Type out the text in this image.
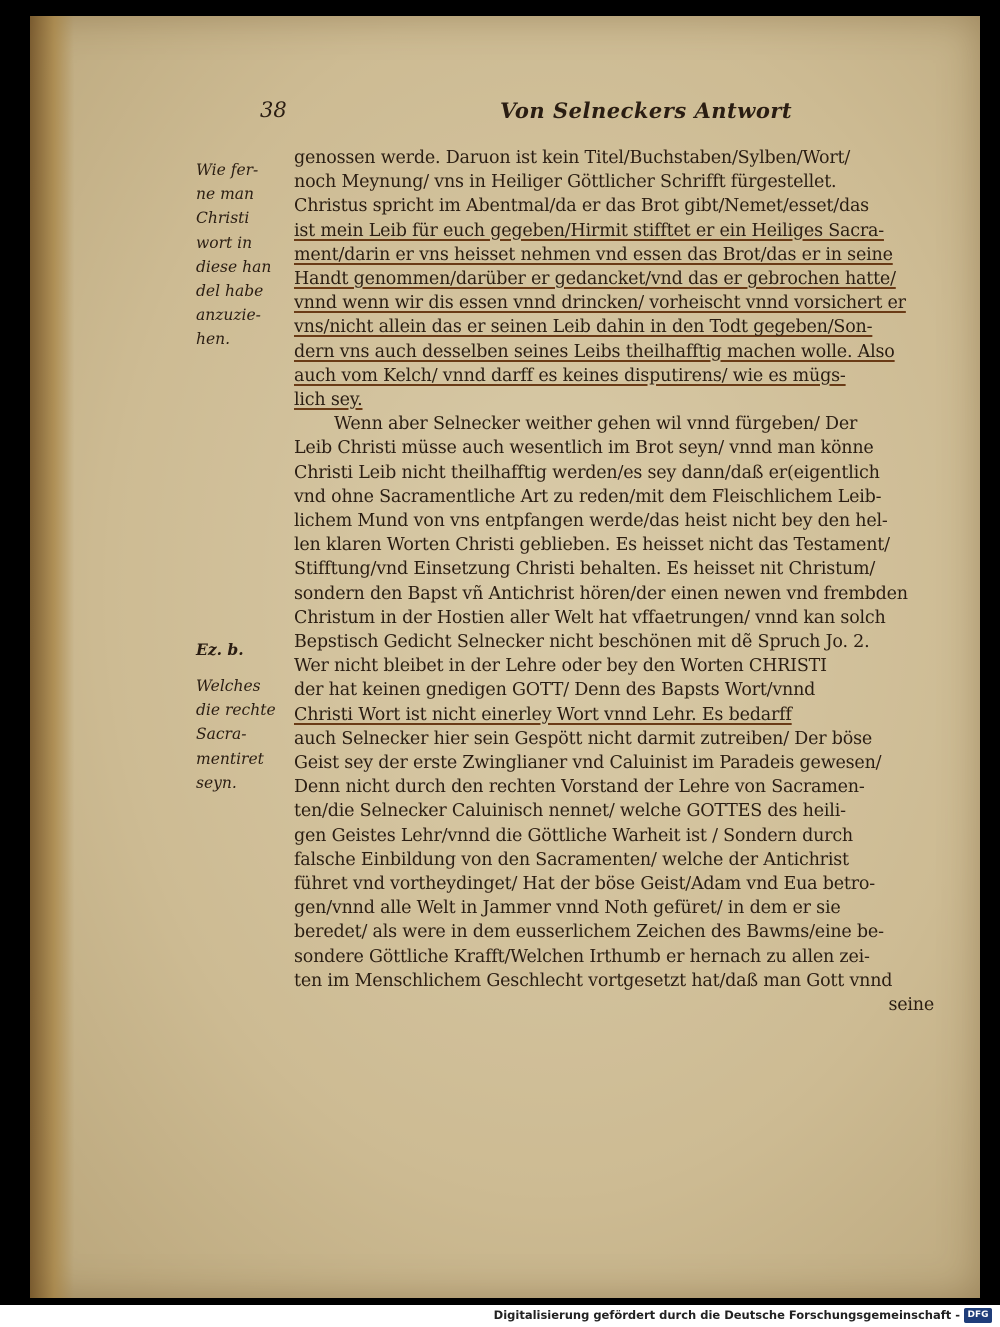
38	Von Selneckers Antwort
Wie fer-
ne man
Christi
wort in
diese han
del habe
anzuzie-
hen.
Ez. b.
Welches
die rechte
Sacra-
mentiret
seyn.
genossen werde. Daruon ist kein Titel/Buchstaben/Sylben/Wort/
noch Meynung/ vns in Heiliger Göttlicher Schrifft fürgestellet.
Christus spricht im Abentmal/da er das Brot gibt/Nemet/esset/das
ist mein Leib für euch gegeben/Hirmit stifftet er ein Heiliges Sacra-
ment/darin er vns heisset nehmen vnd essen das Brot/das er in seine
Handt genommen/darüber er gedancket/vnd das er gebrochen hatte/
vnnd wenn wir dis essen vnnd drincken/ vorheischt vnnd vorsichert er
vns/nicht allein das er seinen Leib dahin in den Todt gegeben/Son-
dern vns auch desselben seines Leibs theilhafftig machen wolle. Also
auch vom Kelch/ vnnd darff es keines disputirens/ wie es mügs-
lich sey.
Wenn aber Selnecker weither gehen wil vnnd fürgeben/ Der
Leib Christi müsse auch wesentlich im Brot seyn/ vnnd man könne
Christi Leib nicht theilhafftig werden/es sey dann/daß er(eigentlich
vnd ohne Sacramentliche Art zu reden/mit dem Fleischlichem Leib-
lichem Mund von vns entpfangen werde/das heist nicht bey den hel-
len klaren Worten Christi geblieben. Es heisset nicht das Testament/
Stifftung/vnd Einsetzung Christi behalten. Es heisset nit Christum/
sondern den Bapst vñ Antichrist hören/der einen newen vnd frembden
Christum in der Hostien aller Welt hat vffaetrungen/ vnnd kan solch
Bepstisch Gedicht Selnecker nicht beschönen mit dẽ Spruch Jo. 2.
Wer nicht bleibet in der Lehre oder bey den Worten CHRISTI
der hat keinen gnedigen GOTT/ Denn des Bapsts Wort/vnnd
Christi Wort ist nicht einerley Wort vnnd Lehr. Es bedarff
auch Selnecker hier sein Gespött nicht darmit zutreiben/ Der böse
Geist sey der erste Zwinglianer vnd Caluinist im Paradeis gewesen/
Denn nicht durch den rechten Vorstand der Lehre von Sacramen-
ten/die Selnecker Caluinisch nennet/ welche GOTTES des heili-
gen Geistes Lehr/vnnd die Göttliche Warheit ist / Sondern durch
falsche Einbildung von den Sacramenten/ welche der Antichrist
führet vnd vortheydinget/ Hat der böse Geist/Adam vnd Eua betro-
gen/vnnd alle Welt in Jammer vnnd Noth gefüret/ in dem er sie
beredet/ als were in dem eusserlichem Zeichen des Bawms/eine be-
sondere Göttliche Krafft/Welchen Irthumb er hernach zu allen zei-
ten im Menschlichem Geschlecht vortgesetzt hat/daß man Gott vnnd
seine
Digitalisierung gefördert durch die Deutsche Forschungsgemeinschaft - DFG
